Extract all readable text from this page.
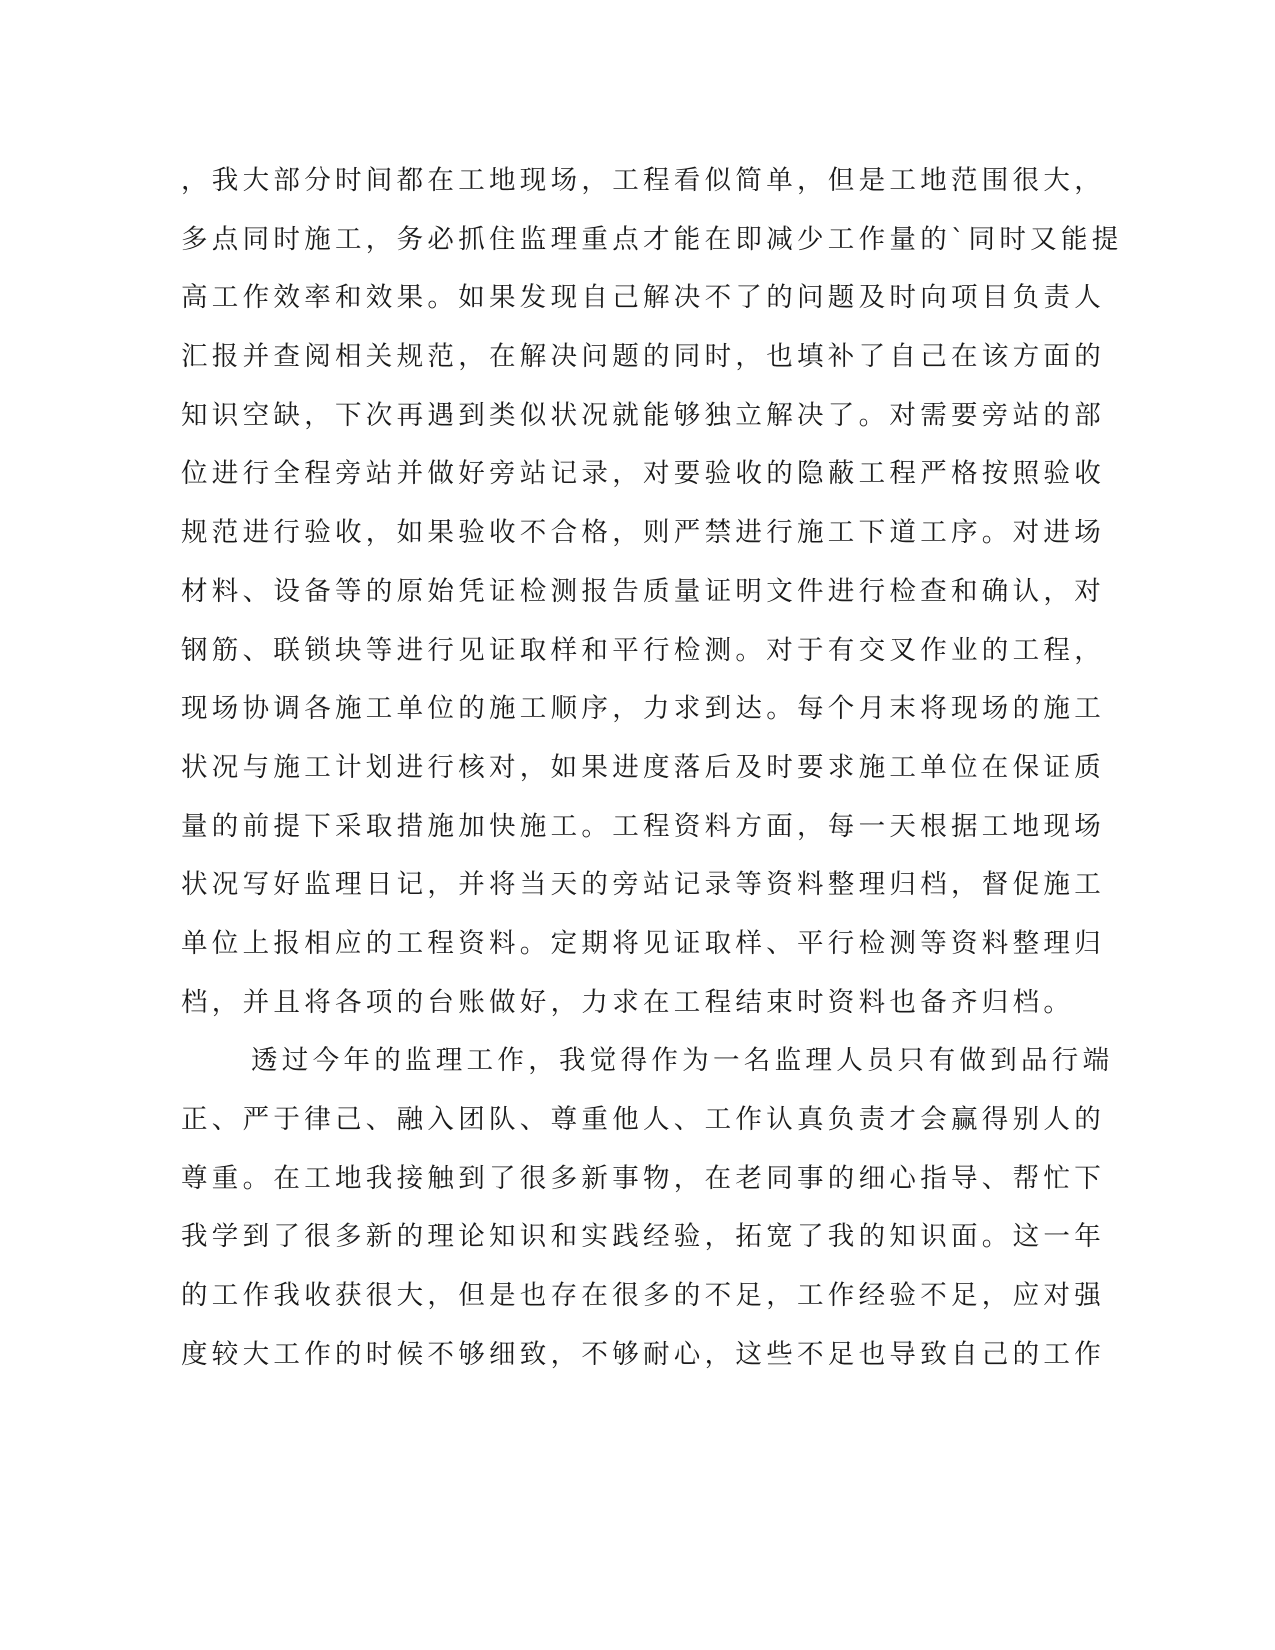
，我大部分时间都在工地现场，工程看似简单，但是工地范围很大，
多点同时施工，务必抓住监理重点才能在即减少工作量的`同时又能提
高工作效率和效果。如果发现自己解决不了的问题及时向项目负责人
汇报并查阅相关规范，在解决问题的同时，也填补了自己在该方面的
知识空缺，下次再遇到类似状况就能够独立解决了。对需要旁站的部
位进行全程旁站并做好旁站记录，对要验收的隐蔽工程严格按照验收
规范进行验收，如果验收不合格，则严禁进行施工下道工序。对进场
材料、设备等的原始凭证检测报告质量证明文件进行检查和确认，对
钢筋、联锁块等进行见证取样和平行检测。对于有交叉作业的工程，
现场协调各施工单位的施工顺序，力求到达。每个月末将现场的施工
状况与施工计划进行核对，如果进度落后及时要求施工单位在保证质
量的前提下采取措施加快施工。工程资料方面，每一天根据工地现场
状况写好监理日记，并将当天的旁站记录等资料整理归档，督促施工
单位上报相应的工程资料。定期将见证取样、平行检测等资料整理归
档，并且将各项的台账做好，力求在工程结束时资料也备齐归档。
透过今年的监理工作，我觉得作为一名监理人员只有做到品行端
正、严于律己、融入团队、尊重他人、工作认真负责才会赢得别人的
尊重。在工地我接触到了很多新事物，在老同事的细心指导、帮忙下
我学到了很多新的理论知识和实践经验，拓宽了我的知识面。这一年
的工作我收获很大，但是也存在很多的不足，工作经验不足，应对强
度较大工作的时候不够细致，不够耐心，这些不足也导致自己的工作
